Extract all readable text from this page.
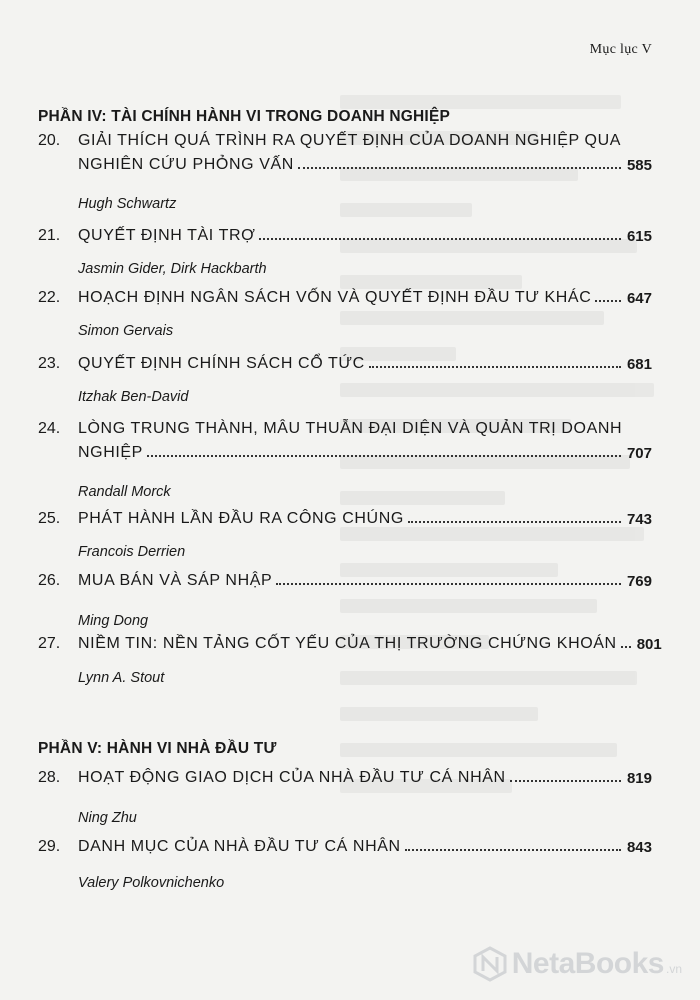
Mục lục V
PHẦN IV: TÀI CHÍNH HÀNH VI TRONG DOANH NGHIỆP
20.	GIẢI THÍCH QUÁ TRÌNH RA QUYẾT ĐỊNH CỦA DOANH NGHIỆP QUA
NGHIÊN CỨU PHỎNG VẤN	585
Hugh Schwartz
21.	QUYẾT ĐỊNH TÀI TRỢ	615
Jasmin Gider, Dirk Hackbarth
22.	HOẠCH ĐỊNH NGÂN SÁCH VỐN VÀ QUYẾT ĐỊNH ĐẦU TƯ KHÁC 647
Simon Gervais
23.	QUYẾT ĐỊNH CHÍNH SÁCH CỔ TỨC	681
Itzhak Ben-David
24.	LÒNG TRUNG THÀNH, MÂU THUẪN ĐẠI DIỆN VÀ QUẢN TRỊ DOANH
NGHIỆP	707
Randall Morck
25.	PHÁT HÀNH LẦN ĐẦU RA CÔNG CHÚNG	743
Francois Derrien
26.	MUA BÁN VÀ SÁP NHẬP	769
Ming Dong
27.	NIỀM TIN: NỀN TẢNG CỐT YẾU CỦA THỊ TRƯỜNG CHỨNG KHOÁN 801
Lynn A. Stout
PHẦN V: HÀNH VI NHÀ ĐẦU TƯ
28.	HOẠT ĐỘNG GIAO DỊCH CỦA NHÀ ĐẦU TƯ CÁ NHÂN	819
Ning Zhu
29.	DANH MỤC CỦA NHÀ ĐẦU TƯ CÁ NHÂN	843
Valery Polkovnichenko
NetaBooks .vn
